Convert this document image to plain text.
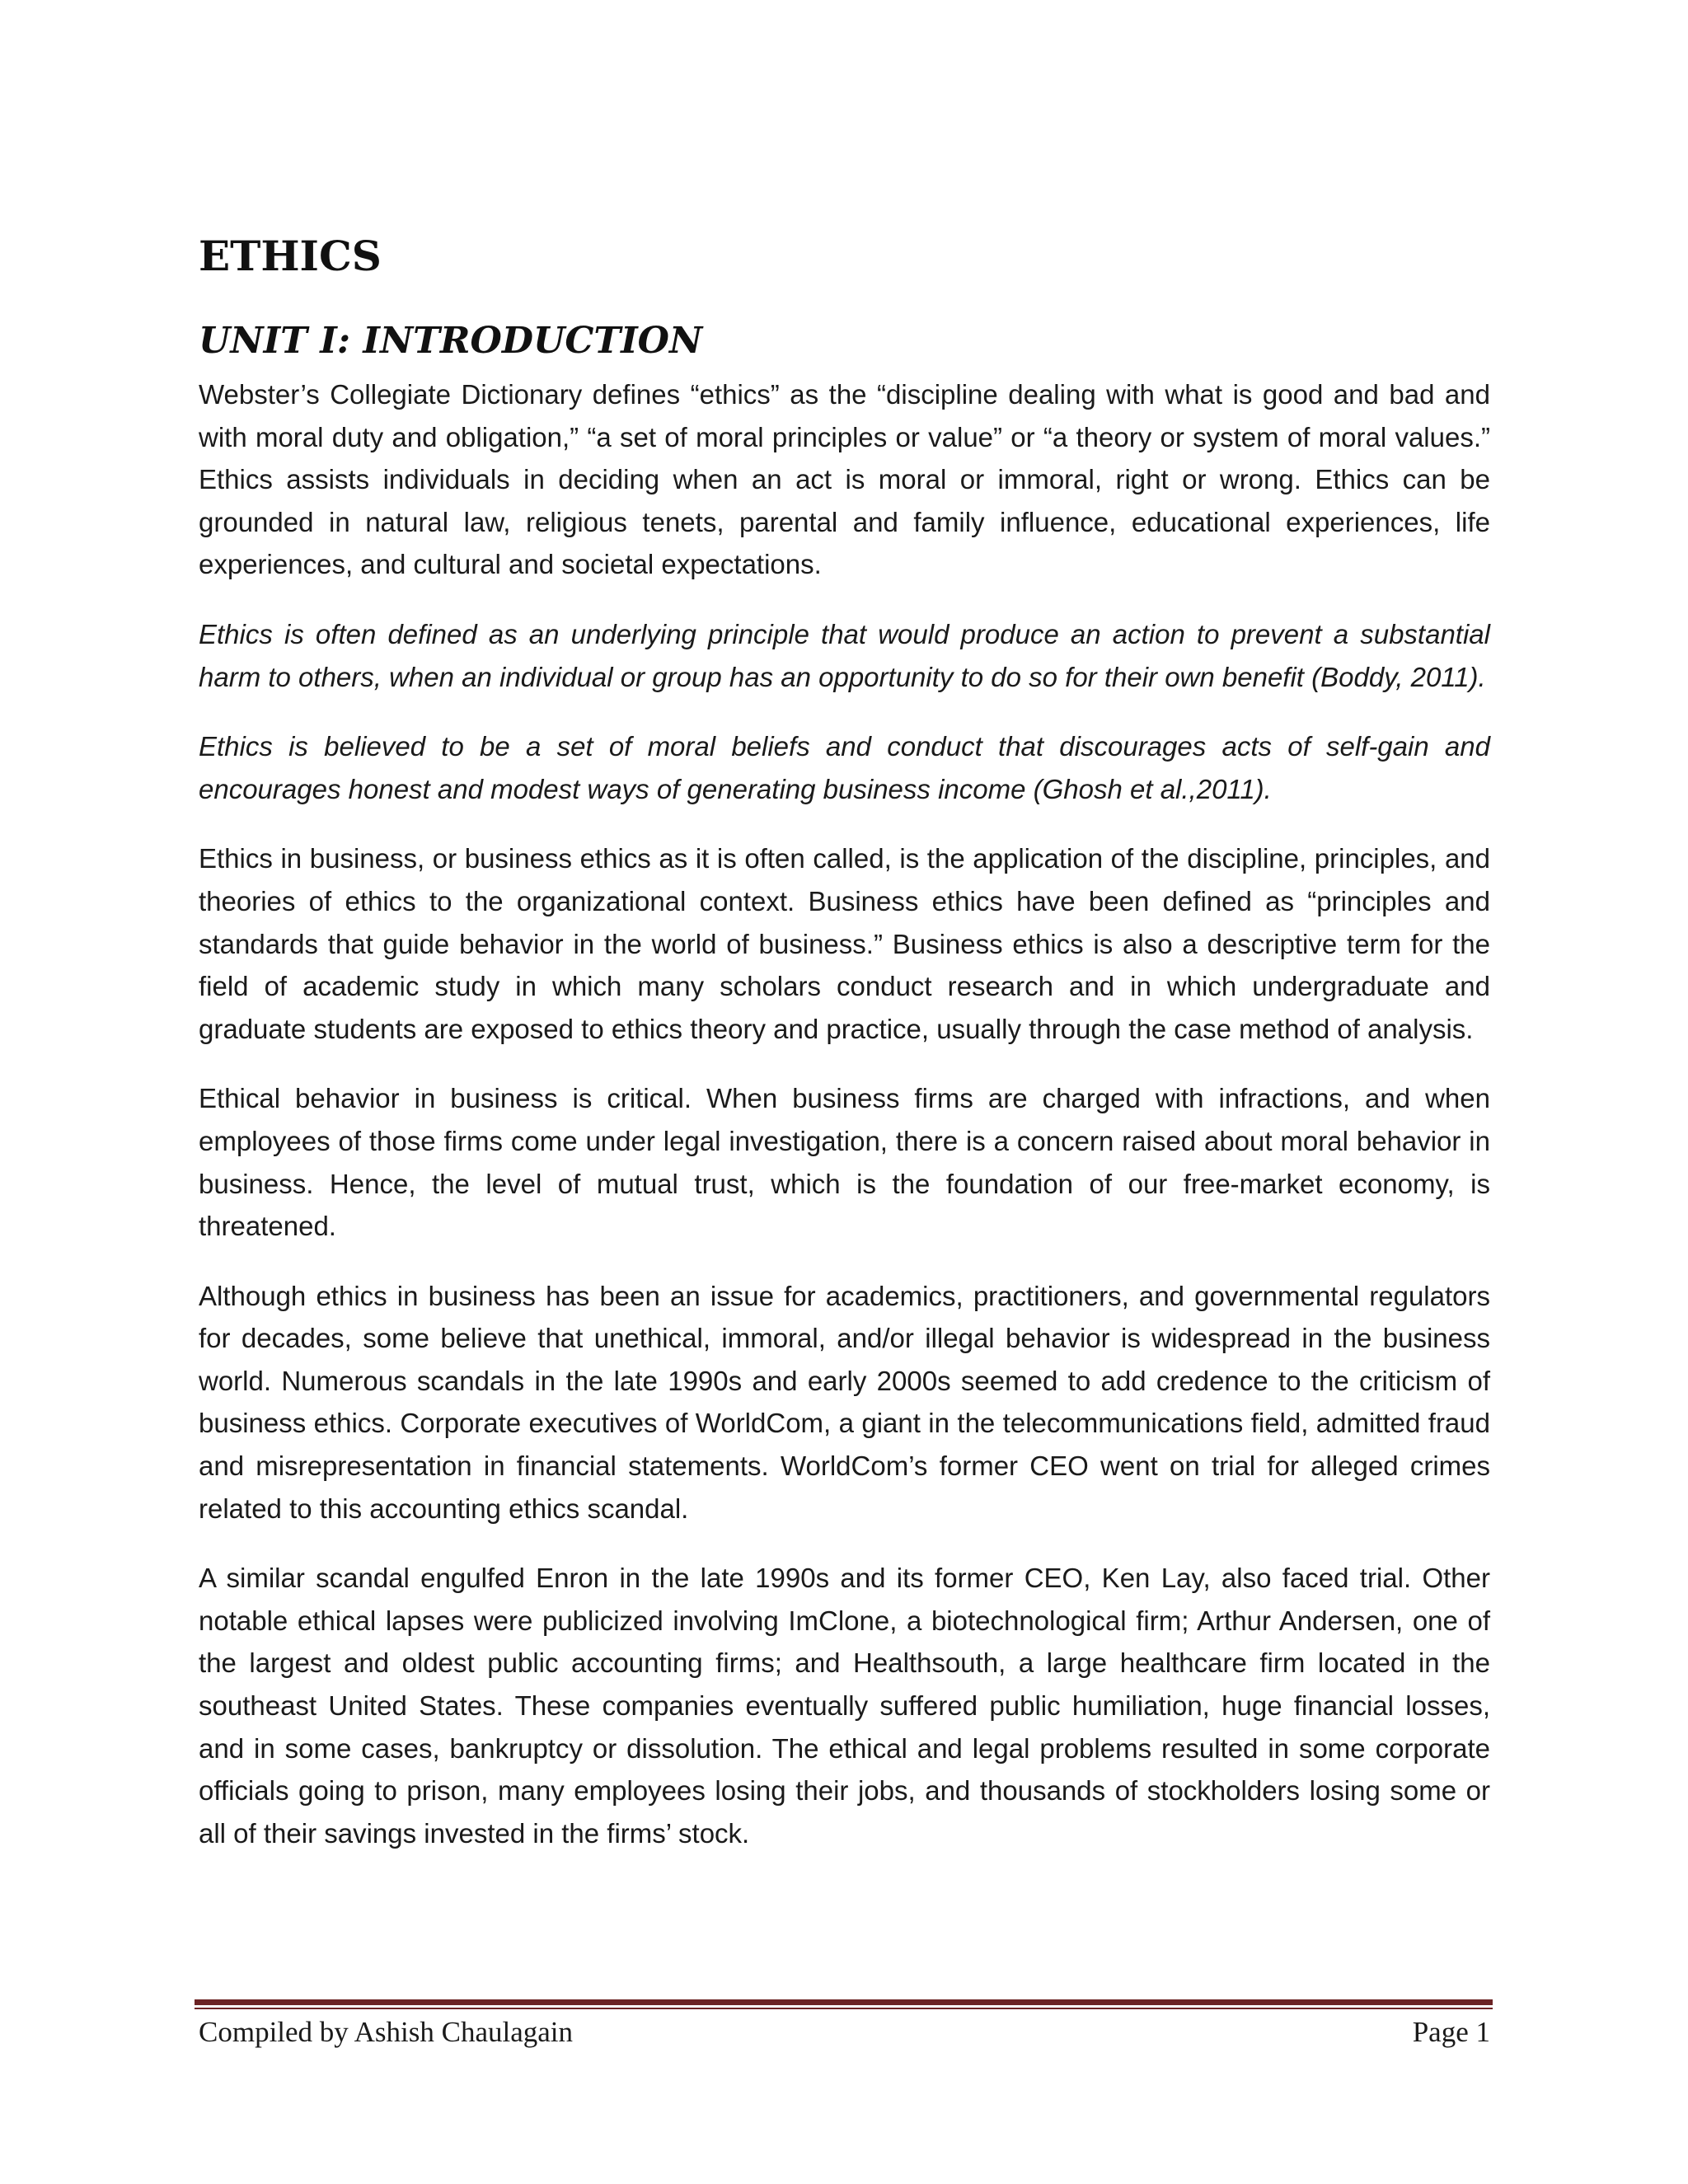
ETHICS
UNIT I: INTRODUCTION

Webster’s Collegiate Dictionary defines “ethics” as the “discipline dealing with what is good and bad and with moral duty and obligation,” “a set of moral principles or value” or “a theory or system of moral values.” Ethics assists individuals in deciding when an act is moral or immoral, right or wrong. Ethics can be grounded in natural law, religious tenets, parental and family influence, educational experiences, life experiences, and cultural and societal expectations.

Ethics is often defined as an underlying principle that would produce an action to prevent a substantial harm to others, when an individual or group has an opportunity to do so for their own benefit (Boddy, 2011).

Ethics is believed to be a set of moral beliefs and conduct that discourages acts of self-gain and encourages honest and modest ways of generating business income (Ghosh et al.,2011).

Ethics in business, or business ethics as it is often called, is the application of the discipline, principles, and theories of ethics to the organizational context. Business ethics have been defined as “principles and standards that guide behavior in the world of business.” Business ethics is also a descriptive term for the field of academic study in which many scholars conduct research and in which undergraduate and graduate students are exposed to ethics theory and practice, usually through the case method of analysis.

Ethical behavior in business is critical. When business firms are charged with infractions, and when employees of those firms come under legal investigation, there is a concern raised about moral behavior in business. Hence, the level of mutual trust, which is the foundation of our free-market economy, is threatened.

Although ethics in business has been an issue for academics, practitioners, and governmental regulators for decades, some believe that unethical, immoral, and/or illegal behavior is widespread in the business world. Numerous scandals in the late 1990s and early 2000s seemed to add credence to the criticism of business ethics. Corporate executives of WorldCom, a giant in the telecommunications field, admitted fraud and misrepresentation in financial statements. WorldCom’s former CEO went on trial for alleged crimes related to this accounting ethics scandal.

A similar scandal engulfed Enron in the late 1990s and its former CEO, Ken Lay, also faced trial. Other notable ethical lapses were publicized involving ImClone, a biotechnological firm; Arthur Andersen, one of the largest and oldest public accounting firms; and Healthsouth, a large healthcare firm located in the southeast United States. These companies eventually suffered public humiliation, huge financial losses, and in some cases, bankruptcy or dissolution. The ethical and legal problems resulted in some corporate officials going to prison, many employees losing their jobs, and thousands of stockholders losing some or all of their savings invested in the firms’ stock.

Compiled by Ashish Chaulagain	Page 1
